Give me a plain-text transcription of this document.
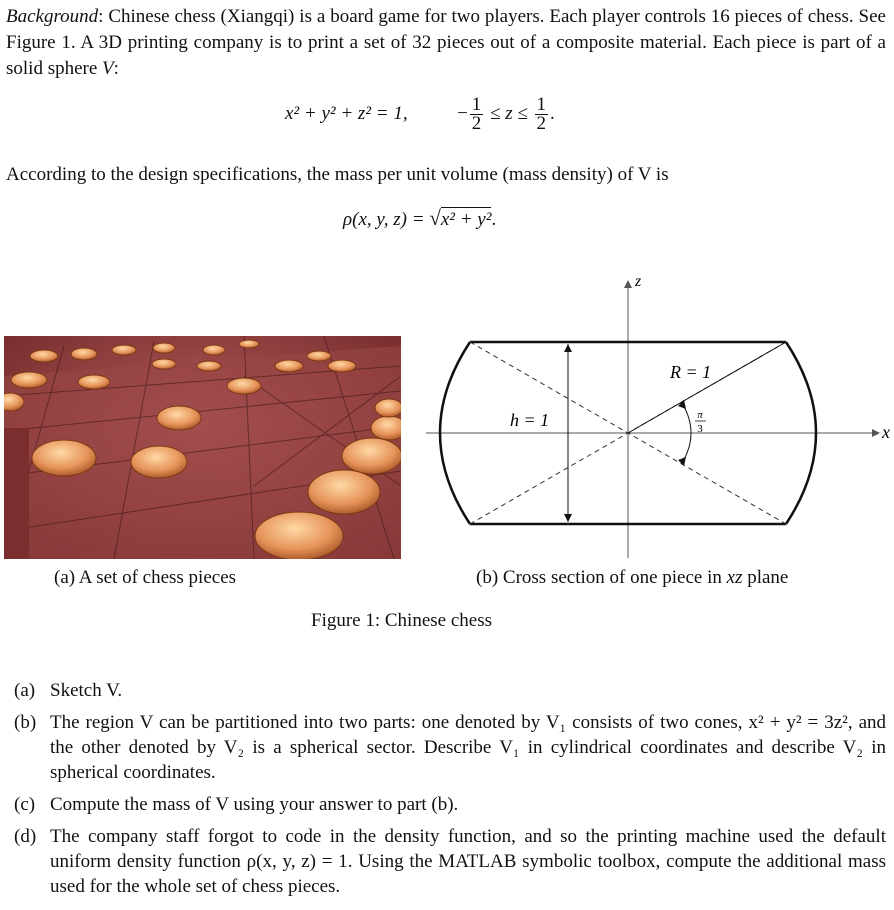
Background: Chinese chess (Xiangqi) is a board game for two players. Each player controls 16 pieces of chess. See Figure 1. A 3D printing company is to print a set of 32 pieces out of a composite material. Each piece is part of a solid sphere V:
x² + y² + z² = 1,	− $\frac{1}{2} \le z \le \frac{1}{2}$ .
According to the design specifications, the mass per unit volume (mass density) of V is
ρ(x, y, z) = √x² + y².
z
x
h = 1
R = 1
π
3
(a) A set of chess pieces	(b) Cross section of one piece in xz plane
Figure 1: Chinese chess
(a) Sketch V.
(b) The region V can be partitioned into two parts: one denoted by V₁ consists of two cones, x² + y² = 3z², and the other denoted by V₂ is a spherical sector. Describe V₁ in cylindrical coordinates and describe V₂ in spherical coordinates.
(c) Compute the mass of V using your answer to part (b).
(d) The company staff forgot to code in the density function, and so the printing machine used the default uniform density function ρ(x, y, z) = 1. Using the MATLAB symbolic toolbox, compute the additional mass used for the whole set of chess pieces.
